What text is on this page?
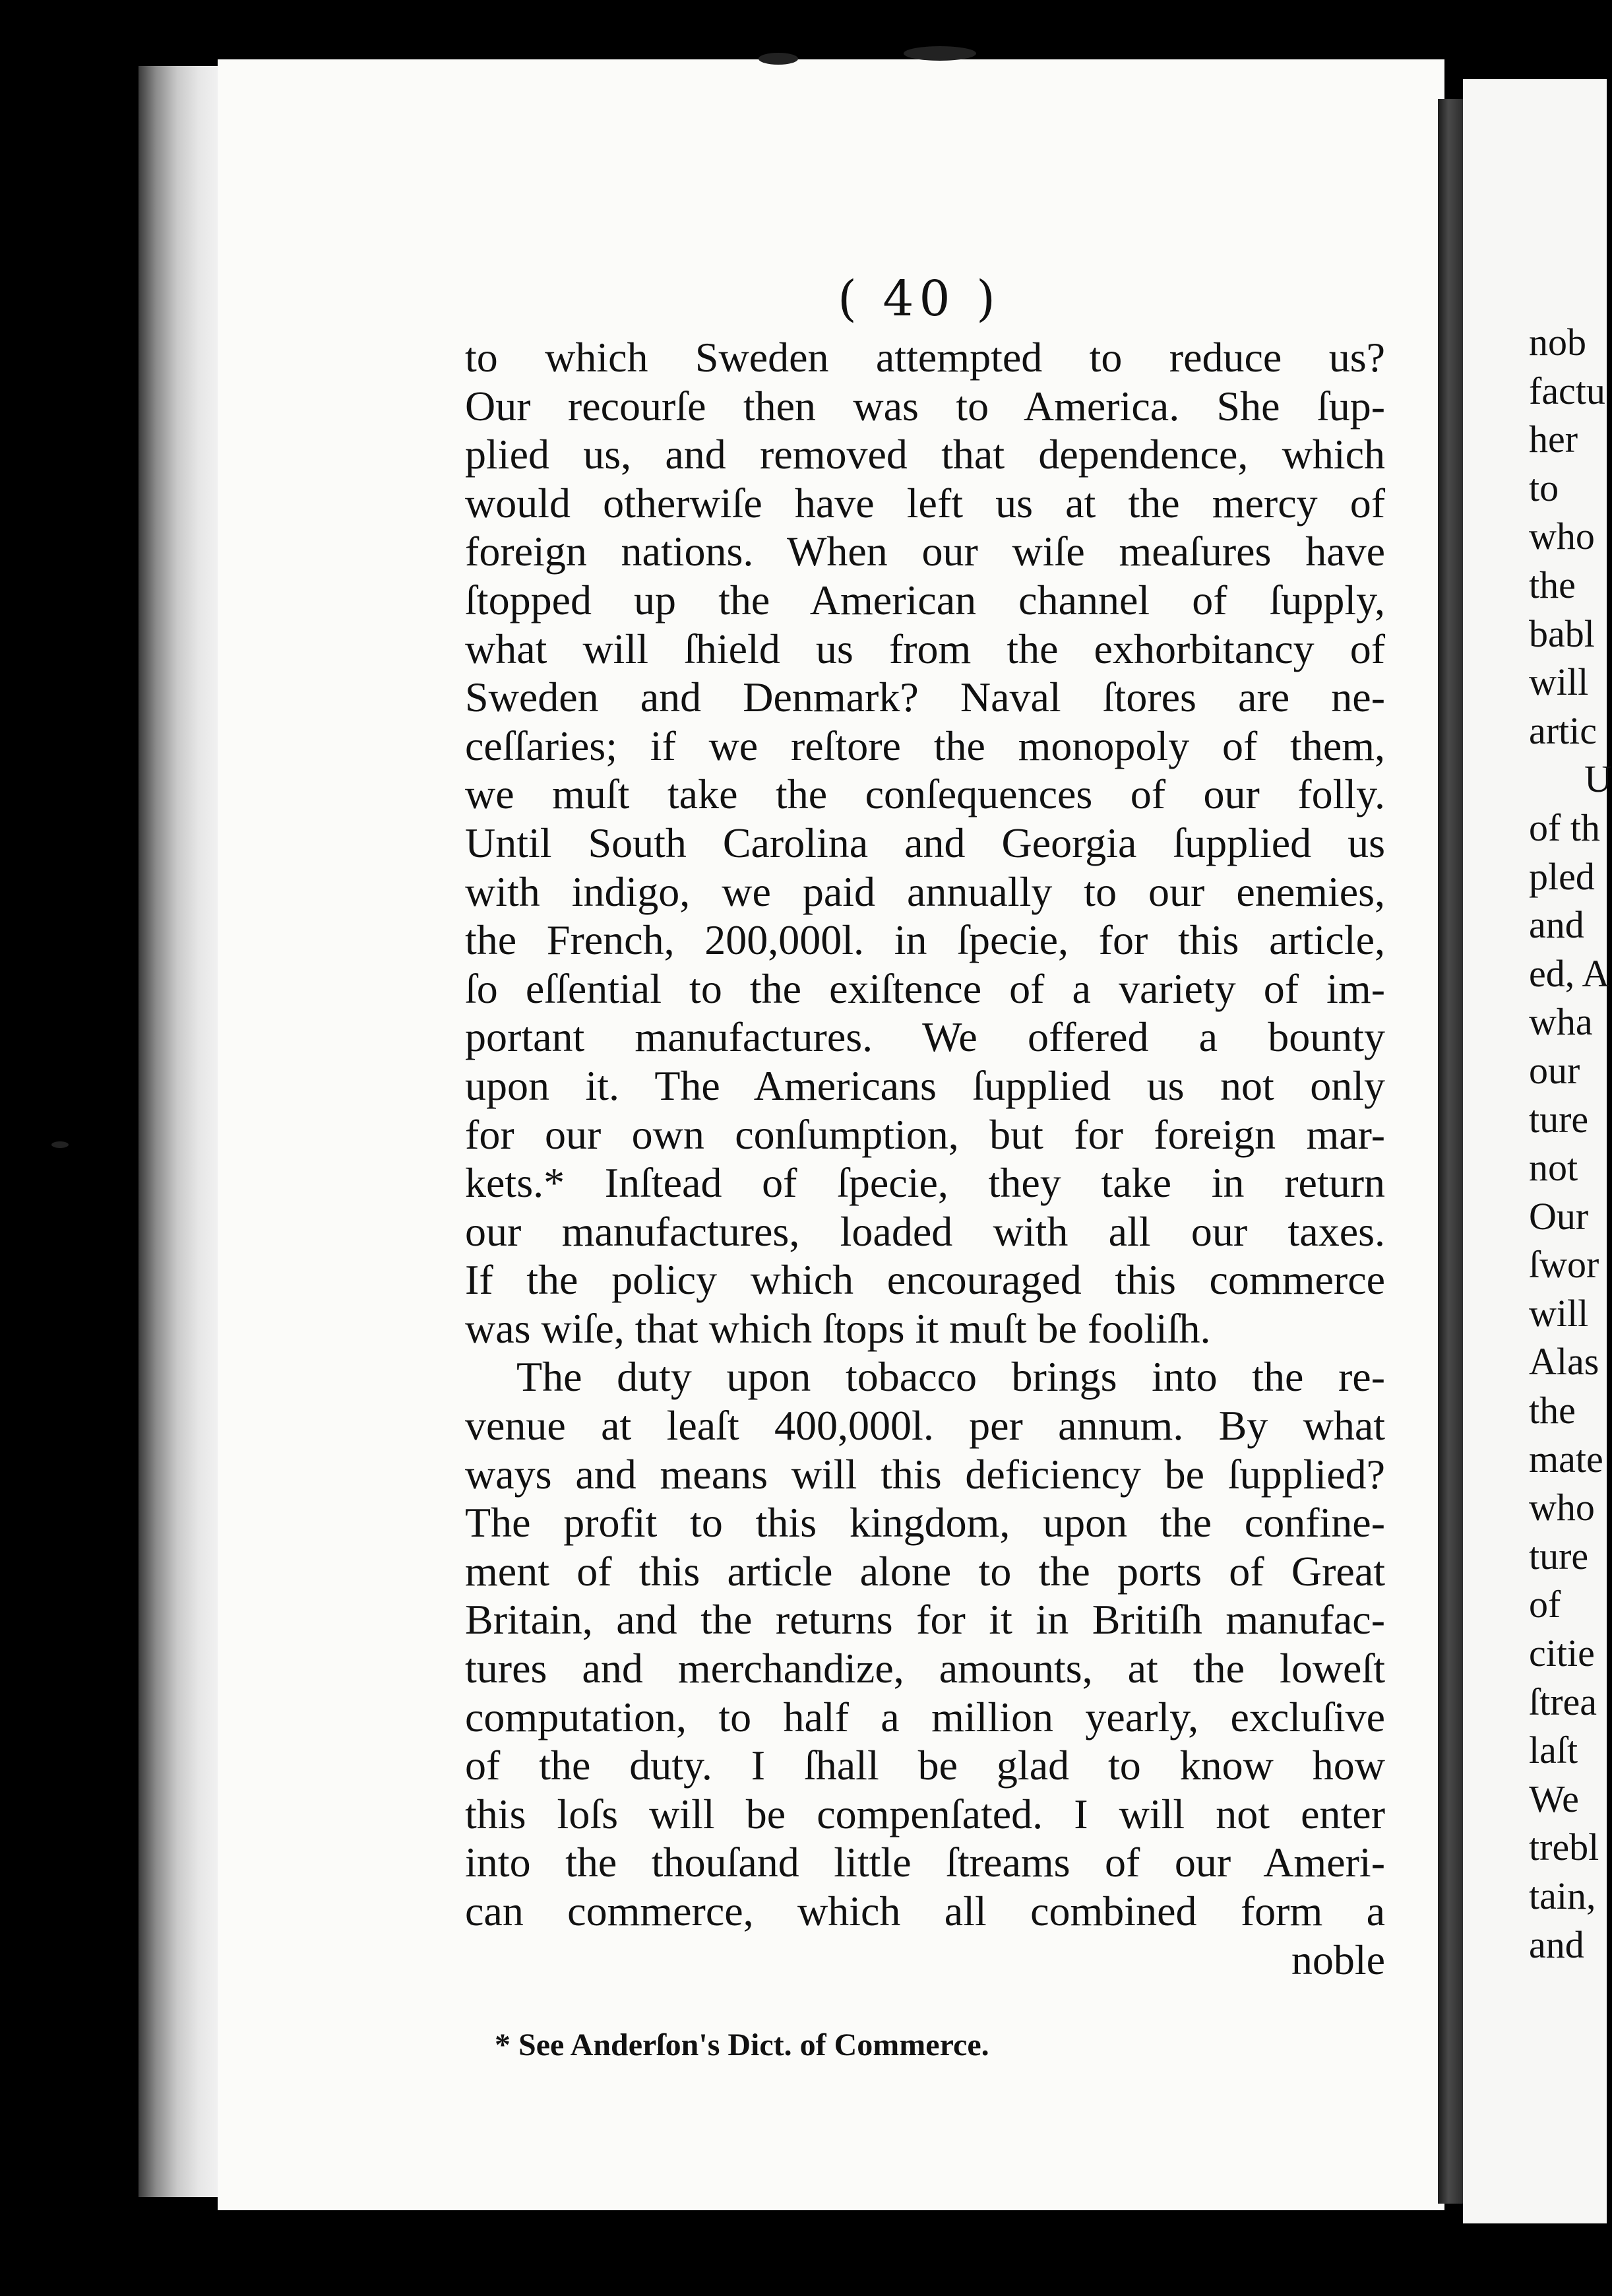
( 40 )
to which Sweden attempted to reduce us?
Our recourſe then was to America. She ſup-
plied us, and removed that dependence, which
would otherwiſe have left us at the mercy of
foreign nations. When our wiſe meaſures have
ſtopped up the American channel of ſupply,
what will ſhield us from the exhorbitancy of
Sweden and Denmark? Naval ſtores are ne-
ceſſaries; if we reſtore the monopoly of them,
we muſt take the conſequences of our folly.
Until South Carolina and Georgia ſupplied us
with indigo, we paid annually to our enemies,
the French, 200,000l. in ſpecie, for this article,
ſo eſſential to the exiſtence of a variety of im-
portant manufactures. We offered a bounty
upon it. The Americans ſupplied us not only
for our own conſumption, but for foreign mar-
kets.* Inſtead of ſpecie, they take in return
our manufactures, loaded with all our taxes.
If the policy which encouraged this commerce
was wiſe, that which ſtops it muſt be fooliſh.
The duty upon tobacco brings into the re-
venue at leaſt 400,000l. per annum. By what
ways and means will this deficiency be ſupplied?
The profit to this kingdom, upon the confine-
ment of this article alone to the ports of Great
Britain, and the returns for it in Britiſh manufac-
tures and merchandize, amounts, at the loweſt
computation, to half a million yearly, excluſive
of the duty. I ſhall be glad to know how
this loſs will be compenſated. I will not enter
into the thouſand little ſtreams of our Ameri-
can commerce, which all combined form a
noble
* See Anderſon's Dict. of Commerce.
nob
factu
her
to
who
the
babl
will
artic
U
of th
pled
and
ed, A
wha
our
ture
not
Our
ſwor
will
Alas
the
mate
who
ture
of
citie
ſtrea
laſt
We
trebl
tain,
and
